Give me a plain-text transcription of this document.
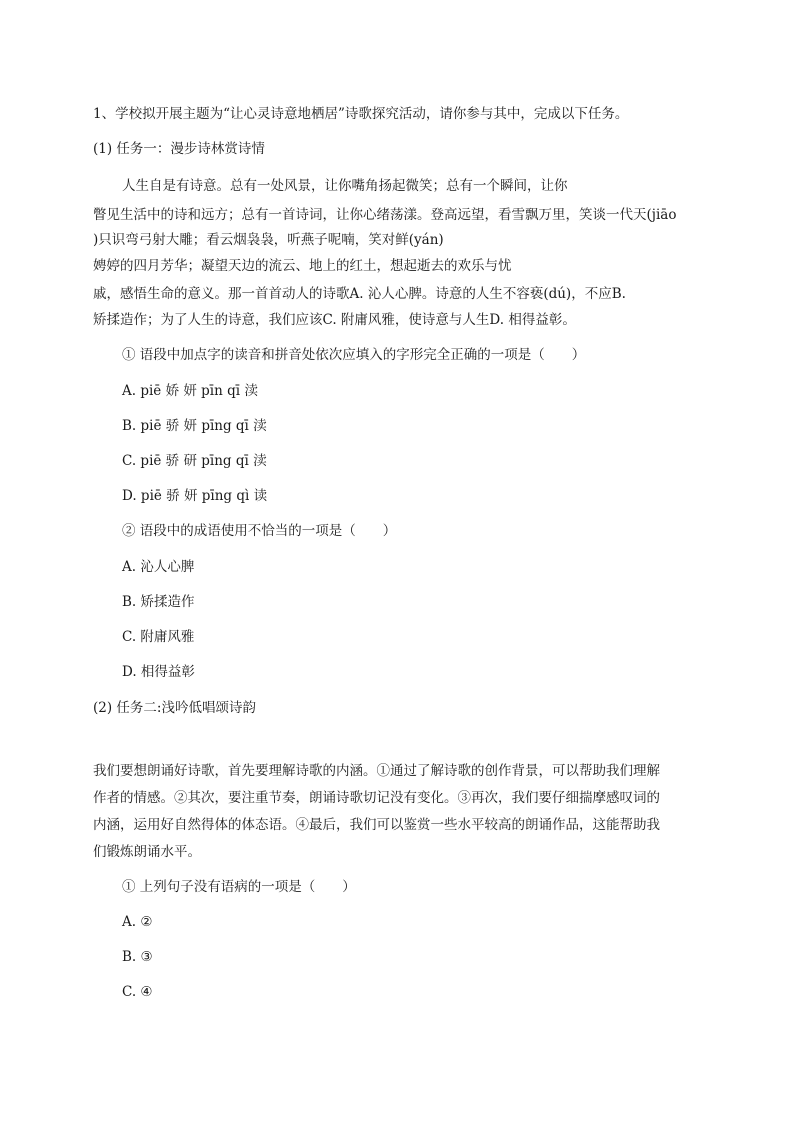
1、学校拟开展主题为“让心灵诗意地栖居”诗歌探究活动，请你参与其中，完成以下任务。
(1) 任务一：漫步诗林赏诗情
人生自是有诗意。总有一处风景，让你嘴角扬起微笑；总有一个瞬间，让你
瞥见生活中的诗和远方；总有一首诗词，让你心绪荡漾。登高远望，看雪飘万里，笑谈一代天(jiāo
)只识弯弓射大雕；看云烟袅袅，听燕子呢喃，笑对鲜(yán)
娉婷的四月芳华；凝望天边的流云、地上的红土，想起逝去的欢乐与忧
戚，感悟生命的意义。那一首首动人的诗歌A. 沁人心脾。诗意的人生不容亵(dú)，不应B.
矫揉造作；为了人生的诗意，我们应该C. 附庸风雅，使诗意与人生D. 相得益彰。
① 语段中加点字的读音和拼音处依次应填入的字形完全正确的一项是（　　）
A. piē 娇 妍 pīn qī 渎
B. piē 骄 妍 pīng qī 渎
C. piē 骄 研 pīng qī 渎
D. piē 骄 妍 pīng qì 读
② 语段中的成语使用不恰当的一项是（　　）
A. 沁人心脾
B. 矫揉造作
C. 附庸风雅
D. 相得益彰
(2) 任务二:浅吟低唱颂诗韵
我们要想朗诵好诗歌，首先要理解诗歌的内涵。①通过了解诗歌的创作背景，可以帮助我们理解
作者的情感。②其次，要注重节奏，朗诵诗歌切记没有变化。③再次，我们要仔细揣摩感叹词的
内涵，运用好自然得体的体态语。④最后，我们可以鉴赏一些水平较高的朗诵作品，这能帮助我
们锻炼朗诵水平。
① 上列句子没有语病的一项是（　　）
A. ②
B. ③
C. ④
